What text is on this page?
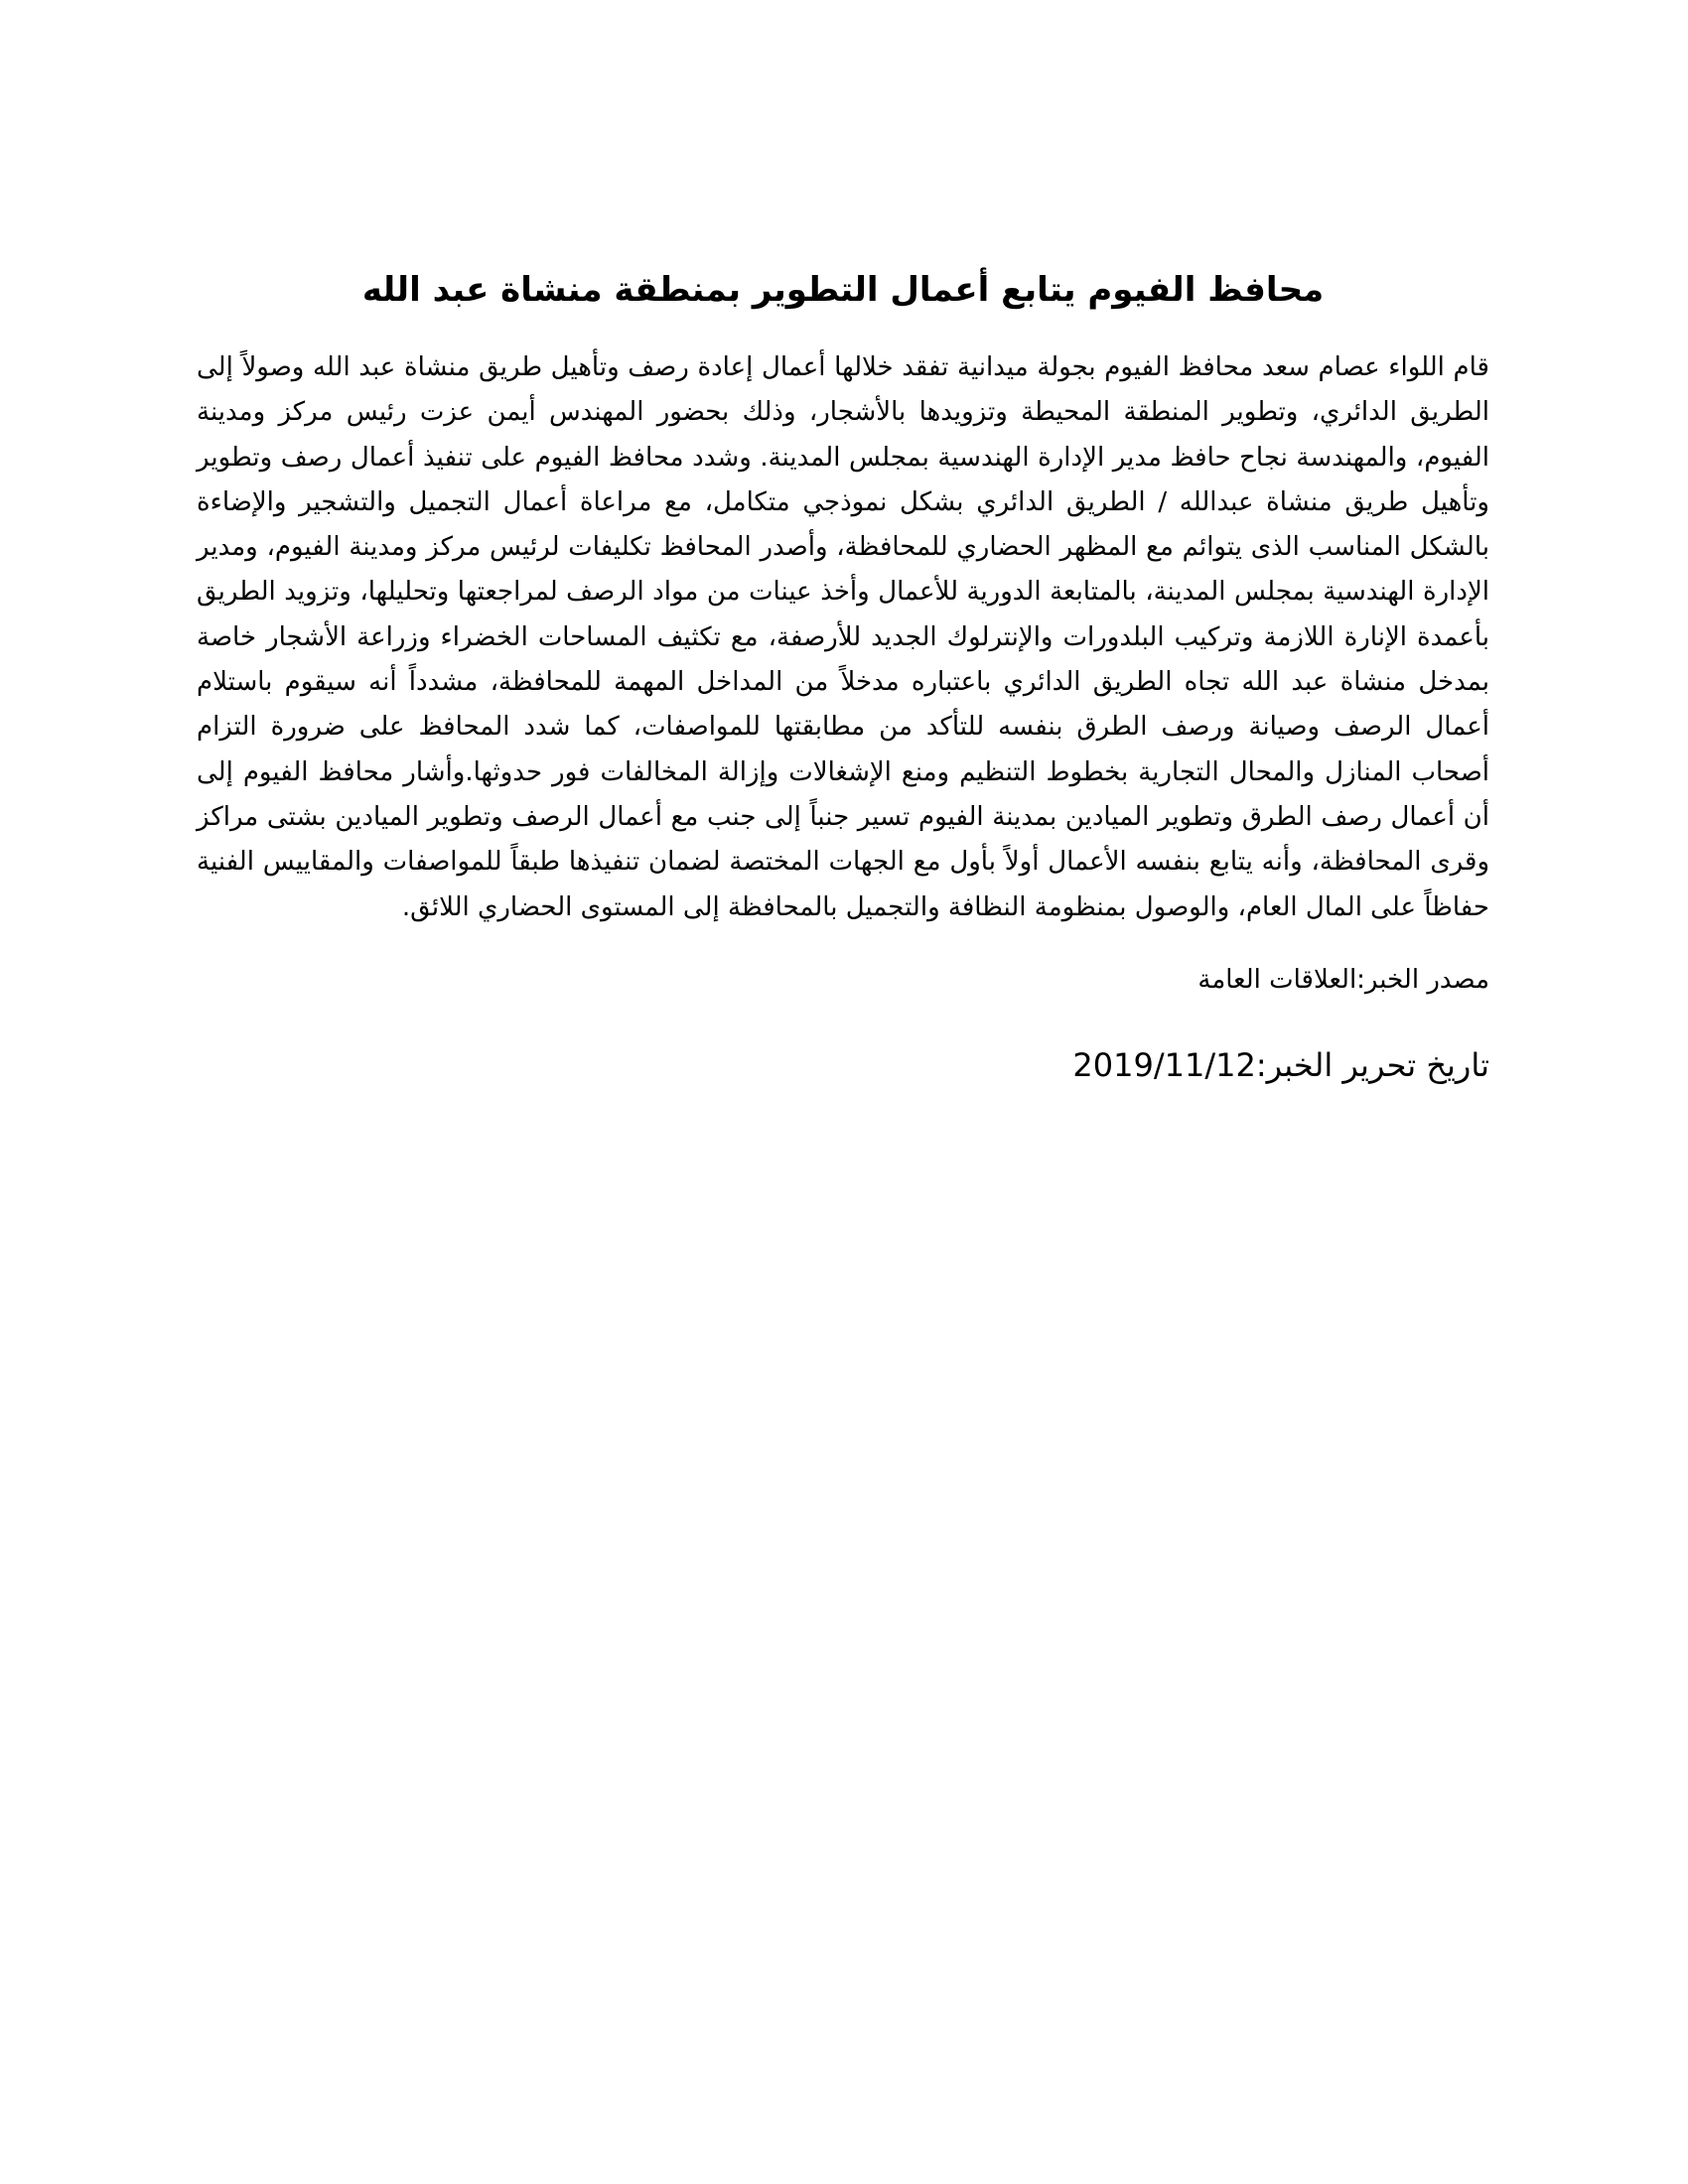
محافظ الفيوم يتابع أعمال التطوير بمنطقة منشاة عبد الله

قام اللواء عصام سعد محافظ الفيوم بجولة ميدانية تفقد خلالها أعمال إعادة رصف وتأهيل طريق منشاة عبد الله وصولاً إلى الطريق الدائري، وتطوير المنطقة المحيطة وتزويدها بالأشجار، وذلك بحضور المهندس أيمن عزت رئيس مركز ومدينة الفيوم، والمهندسة نجاح حافظ مدير الإدارة الهندسية بمجلس المدينة. وشدد محافظ الفيوم على تنفيذ أعمال رصف وتطوير وتأهيل طريق منشاة عبدالله / الطريق الدائري بشكل نموذجي متكامل، مع مراعاة أعمال التجميل والتشجير والإضاءة بالشكل المناسب الذى يتوائم مع المظهر الحضاري للمحافظة، وأصدر المحافظ تكليفات لرئيس مركز ومدينة الفيوم، ومدير الإدارة الهندسية بمجلس المدينة، بالمتابعة الدورية للأعمال وأخذ عينات من مواد الرصف لمراجعتها وتحليلها، وتزويد الطريق بأعمدة الإنارة اللازمة وتركيب البلدورات والإنترلوك الجديد للأرصفة، مع تكثيف المساحات الخضراء وزراعة الأشجار خاصة بمدخل منشاة عبد الله تجاه الطريق الدائري باعتباره مدخلاً من المداخل المهمة للمحافظة، مشدداً أنه سيقوم باستلام أعمال الرصف وصيانة ورصف الطرق بنفسه للتأكد من مطابقتها للمواصفات، كما شدد المحافظ على ضرورة التزام أصحاب المنازل والمحال التجارية بخطوط التنظيم ومنع الإشغالات وإزالة المخالفات فور حدوثها.وأشار محافظ الفيوم إلى أن أعمال رصف الطرق وتطوير الميادين بمدينة الفيوم تسير جنباً إلى جنب مع أعمال الرصف وتطوير الميادين بشتى مراكز وقرى المحافظة، وأنه يتابع بنفسه الأعمال أولاً بأول مع الجهات المختصة لضمان تنفيذها طبقاً للمواصفات والمقاييس الفنية حفاظاً على المال العام، والوصول بمنظومة النظافة والتجميل بالمحافظة إلى المستوى الحضاري اللائق.

مصدر الخبر:العلاقات العامة

تاريخ تحرير الخبر:2019/11/12
